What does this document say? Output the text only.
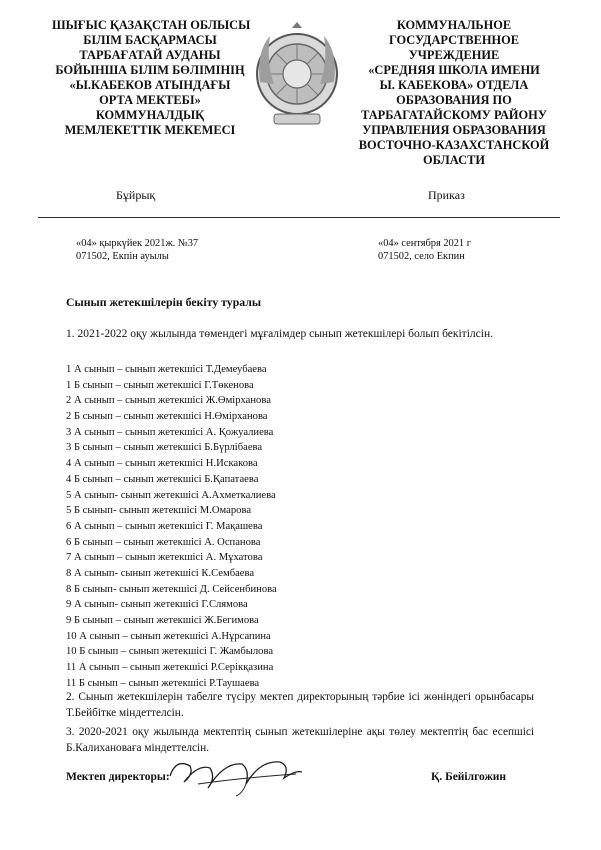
ШЫҒЫС ҚАЗАҚСТАН ОБЛЫСЫ
БІЛІМ БАСҚАРМАСЫ
ТАРБАҒАТАЙ АУДАНЫ
БОЙЫНША БІЛІМ БӨЛІМІНІҢ
«Ы.КАБЕКОВ АТЫНДАҒЫ
ОРТА МЕКТЕБІ»
КОММУНАЛДЫҚ
МЕМЛЕКЕТТІК МЕКЕМЕСІ
КОММУНАЛЬНОЕ
ГОСУДАРСТВЕННОЕ
УЧРЕЖДЕНИЕ
«СРЕДНЯЯ ШКОЛА ИМЕНИ
Ы. КАБЕКОВА» ОТДЕЛА
ОБРАЗОВАНИЯ ПО
ТАРБАГАТАЙСКОМУ РАЙОНУ
УПРАВЛЕНИЯ ОБРАЗОВАНИЯ
ВОСТОЧНО-КАЗАХСТАНСКОЙ
ОБЛАСТИ
Бұйрық	Приказ
«04» қыркүйек 2021ж. №37
071502, Екпін ауылы
«04» сентября 2021 г
071502, село Екпин
Сынып жетекшілерін бекіту туралы
1. 2021-2022 оқу жылында төмендегі мұғалімдер сынып жетекшілері болып бекітілсін.
1 А сынып – сынып жетекшісі Т.Демеубаева
1 Б сынып – сынып жетекшісі Г.Төкенова
2 А сынып – сынып жетекшісі Ж.Өмірханова
2 Б сынып – сынып жетекшісі Н.Өмірханова
3 А сынып – сынып жетекшісі А. Қожуалиева
3 Б сынып – сынып жетекшісі Б.Бүрлібаева
4 А сынып – сынып жетекшісі Н.Искакова
4 Б сынып – сынып жетекшісі Б.Қапатаева
5 А сынып- сынып жетекшісі А.Ахметкалиева
5 Б сынып- сынып жетекшісі М.Омарова
6 А сынып – сынып жетекшісі Г. Мақашева
6 Б сынып – сынып жетекшісі А. Оспанова
7 А сынып – сынып жетекшісі А. Мұхатова
8 А сынып- сынып жетекшісі К.Сембаева
8 Б сынып- сынып жетекшісі Д. Сейсенбинова
9 А сынып- сынып жетекшісі Г.Слямова
9 Б сынып – сынып жетекшісі Ж.Бегимова
10 А сынып – сынып жетекшісі А.Нұрсапина
10 Б сынып – сынып жетекшісі Г. Жамбылова
11 А сынып – сынып жетекшісі Р.Серікқазина
11 Б сынып – сынып жетекшісі Р.Таушаева
2. Сынып жетекшілерін табелге түсіру мектеп директорының тәрбие ісі жөніндегі орынбасары Т.Бейбітке міндеттелсін.
3. 2020-2021 оқу жылында мектептің сынып жетекшілеріне ақы төлеу мектептің бас есепшісі Б.Калихановаға міндеттелсін.
Мектеп директоры:	Қ. Бейілгожин
